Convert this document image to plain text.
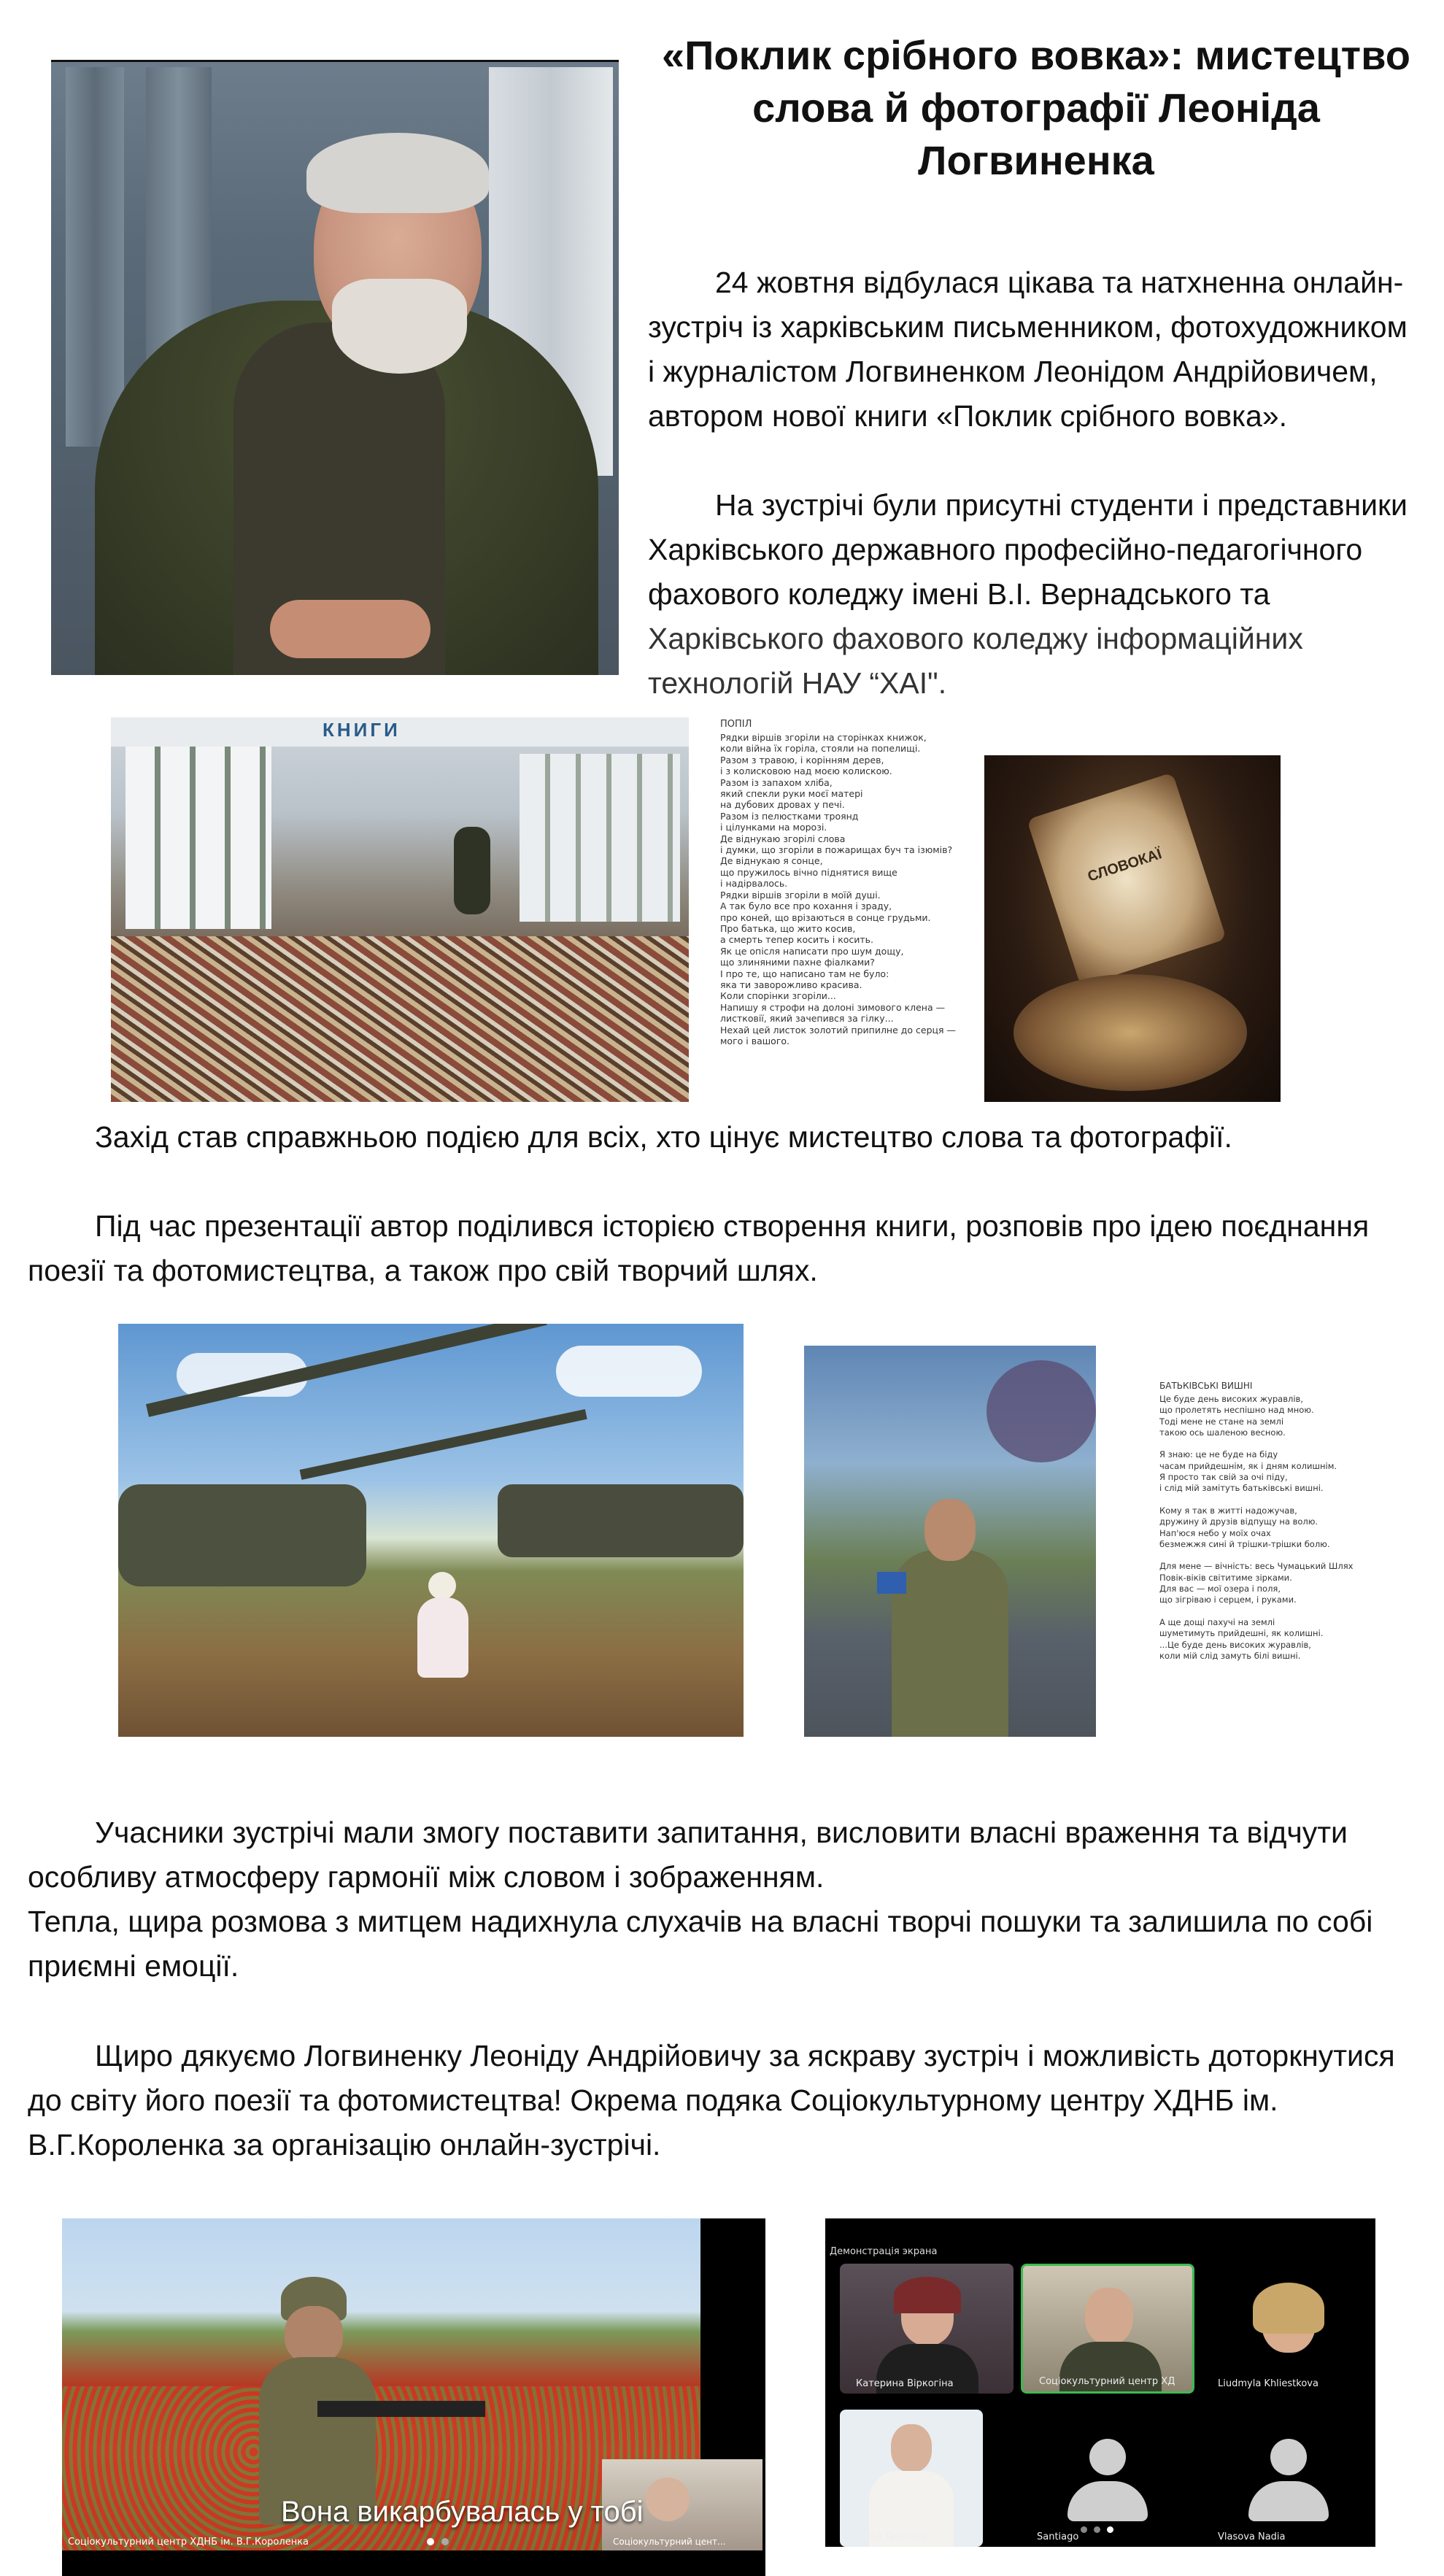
«Поклик срібного вовка»: мистецтво слова й фотографії Леоніда Логвиненка
24 жовтня відбулася цікава та натхненна онлайн-зустріч із харківським письменником, фотохудожником і журналістом Логвиненком Леонідом Андрійовичем, автором нової книги «Поклик срібного вовка».
На зустрічі були присутні студенти і представники Харківського державного професійно-педагогічного фахового коледжу імені В.І. Вернадського та Харківського фахового коледжу інформаційних технологій НАУ “ХАІ".
КНИГИ	ПОПІЛ
Рядки віршів згоріли на сторінках книжок,
коли війна їх горіла, стояли на попелищі.
Разом з травою, і корінням дерев,
і з колисковою над моєю колискою.
Разом із запахом хліба,
який спекли руки моєї матері
на дубових дровах у печі.
Разом із пелюстками троянд
і цілунками на морозі.
Де віднукаю згорілі слова
і думки, що згоріли в пожарищах буч та ізюмів?
Де віднукаю я сонце,
що пружилось вічно піднятися вище
і надірвалось.
Рядки віршів згоріли в моїй душі.
А так було все про кохання і зраду,
про коней, що врізаються в сонце грудьми.
Про батька, що жито косив,
а смерть тепер косить і косить.
Як це опісля написати про шум дощу,
що злиняними пахне фіалками?
І про те, що написано там не було:
яка ти заворожливо красива.
Коли спорінки згоріли...
Напишу я строфи на долоні зимового клена —
листковії, який зачепився за гілку...
Нехай цей листок золотий припилне до серця —
мого і вашого.
СЛОВОКАЇ
Захід став справжньою подією для всіх, хто цінує мистецтво слова та фотографії.
Під час презентації автор поділився історією створення книги, розповів про ідею поєднання поезії та фотомистецтва, а також про свій творчий шлях.
БАТЬКІВСЬКІ ВИШНІ
Це буде день високих журавлів,
що пролетять неспішно над мною.
Тоді мене не стане на землі
такою ось шаленою весною.

Я знаю: це не буде на біду
часам прийдешнім, як і дням колишнім.
Я просто так свій за очі піду,
і слід мій замітуть батьківські вишні.

Кому я так в житті надожучав,
дружину й друзів відпущу на волю.
Нап'юся небо у моїх очах
безмежжя сині й трішки-трішки болю.

Для мене — вічність: весь Чумацький Шлях
Повік-віків світитиме зірками.
Для вас — мої озера і поля,
що зігріваю і серцем, і руками.

А ще дощі пахучі на землі
шуметимуть прийдешні, як колишні.
...Це буде день високих журавлів,
коли мій слід замуть білі вишні.
Учасники зустрічі мали змогу поставити запитання, висловити власні враження та відчути особливу атмосферу гармонії між словом і зображенням.
Тепла, щира розмова з митцем надихнула слухачів на власні творчі пошуки та залишила по собі приємні емоції.
Щиро дякуємо Логвиненку Леоніду Андрійовичу за яскраву зустріч і можливість доторкнутися до світу його поезії та фотомистецтва! Окрема подяка Соціокультурному центру ХДНБ ім. В.Г.Короленка за організацію онлайн-зустрічі.
Вона викарбувалась у тобі
Соціокультурний центр ХДНБ ім. В.Г.Короленка	Соціокультурний цент...
Демонстрація экрана
Катерина Віркогіна	Соціокультурний центр ХД	Liudmyla Khliestkova
Raisa Taranova	Santiago	Vlasova Nadia
